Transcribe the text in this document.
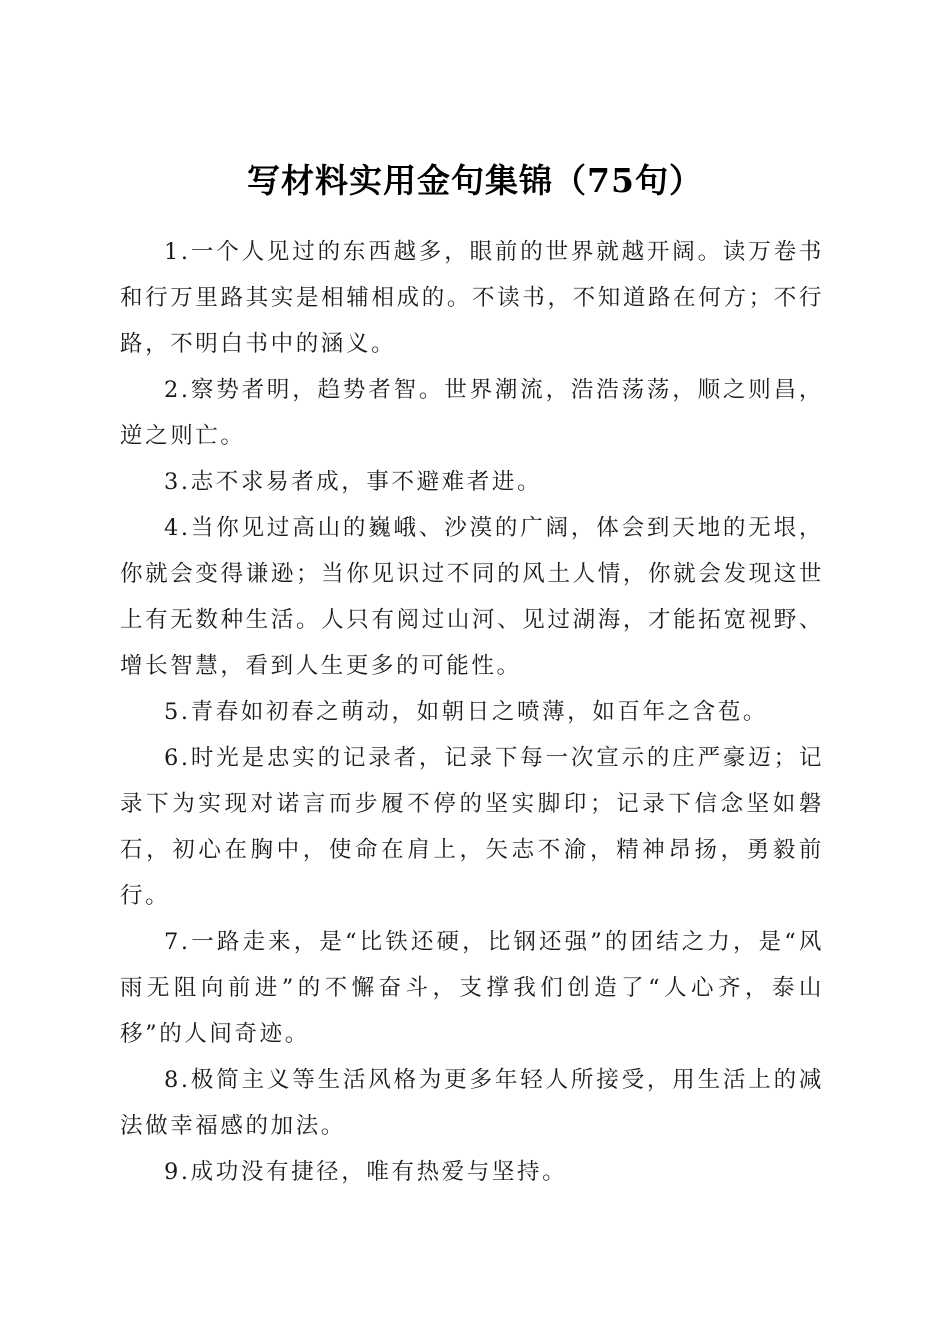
写材料实用金句集锦（75句）

1.一个人见过的东西越多，眼前的世界就越开阔。读万卷书和行万里路其实是相辅相成的。不读书，不知道路在何方；不行路，不明白书中的涵义。

2.察势者明，趋势者智。世界潮流，浩浩荡荡，顺之则昌，逆之则亡。

3.志不求易者成，事不避难者进。

4.当你见过高山的巍峨、沙漠的广阔，体会到天地的无垠，你就会变得谦逊；当你见识过不同的风土人情，你就会发现这世上有无数种生活。人只有阅过山河、见过湖海，才能拓宽视野、增长智慧，看到人生更多的可能性。

5.青春如初春之萌动，如朝日之喷薄，如百年之含苞。

6.时光是忠实的记录者，记录下每一次宣示的庄严豪迈；记录下为实现对诺言而步履不停的坚实脚印；记录下信念坚如磐石，初心在胸中，使命在肩上，矢志不渝，精神昂扬，勇毅前行。

7.一路走来，是“比铁还硬，比钢还强”的团结之力，是“风雨无阻向前进”的不懈奋斗，支撑我们创造了“人心齐，泰山移”的人间奇迹。

8.极简主义等生活风格为更多年轻人所接受，用生活上的减法做幸福感的加法。

9.成功没有捷径，唯有热爱与坚持。
